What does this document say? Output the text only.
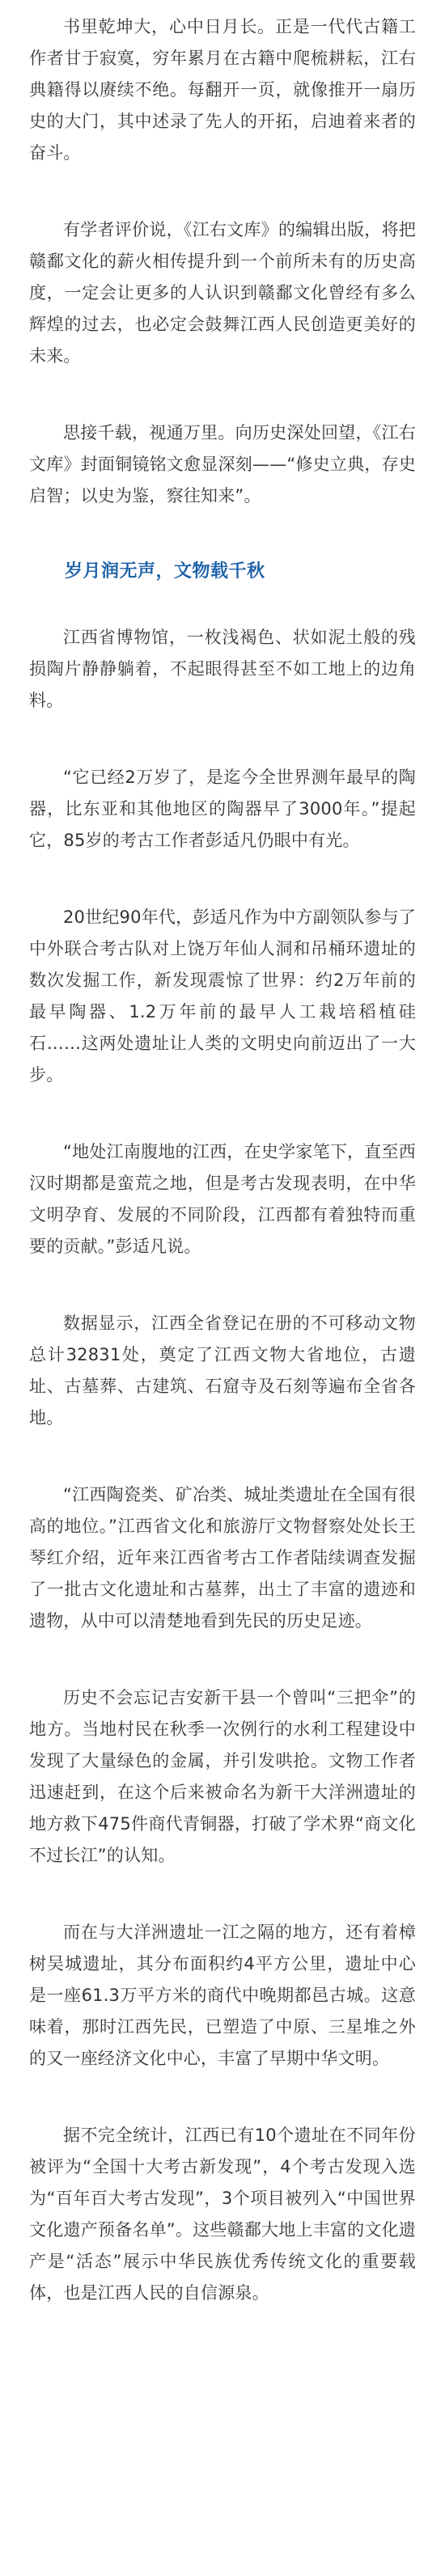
书里乾坤大，心中日月长。正是一代代古籍工作者甘于寂寞，穷年累月在古籍中爬梳耕耘，江右典籍得以赓续不绝。每翻开一页，就像推开一扇历史的大门，其中述录了先人的开拓，启迪着来者的奋斗。

有学者评价说，《江右文库》的编辑出版，将把赣鄱文化的薪火相传提升到一个前所未有的历史高度，一定会让更多的人认识到赣鄱文化曾经有多么辉煌的过去，也必定会鼓舞江西人民创造更美好的未来。

思接千载，视通万里。向历史深处回望，《江右文库》封面铜镜铭文愈显深刻——“修史立典，存史启智；以史为鉴，察往知来”。

岁月润无声，文物载千秋

江西省博物馆，一枚浅褐色、状如泥土般的残损陶片静静躺着，不起眼得甚至不如工地上的边角料。

“它已经2万岁了，是迄今全世界测年最早的陶器，比东亚和其他地区的陶器早了3000年。”提起它，85岁的考古工作者彭适凡仍眼中有光。

20世纪90年代，彭适凡作为中方副领队参与了中外联合考古队对上饶万年仙人洞和吊桶环遗址的数次发掘工作，新发现震惊了世界：约2万年前的最早陶器、1.2万年前的最早人工栽培稻植硅石……这两处遗址让人类的文明史向前迈出了一大步。

“地处江南腹地的江西，在史学家笔下，直至西汉时期都是蛮荒之地，但是考古发现表明，在中华文明孕育、发展的不同阶段，江西都有着独特而重要的贡献。”彭适凡说。

数据显示，江西全省登记在册的不可移动文物总计32831处，奠定了江西文物大省地位，古遗址、古墓葬、古建筑、石窟寺及石刻等遍布全省各地。

“江西陶瓷类、矿冶类、城址类遗址在全国有很高的地位。”江西省文化和旅游厅文物督察处处长王琴红介绍，近年来江西省考古工作者陆续调查发掘了一批古文化遗址和古墓葬，出土了丰富的遗迹和遗物，从中可以清楚地看到先民的历史足迹。

历史不会忘记吉安新干县一个曾叫“三把伞”的地方。当地村民在秋季一次例行的水利工程建设中发现了大量绿色的金属，并引发哄抢。文物工作者迅速赶到，在这个后来被命名为新干大洋洲遗址的地方救下475件商代青铜器，打破了学术界“商文化不过长江”的认知。

而在与大洋洲遗址一江之隔的地方，还有着樟树吴城遗址，其分布面积约4平方公里，遗址中心是一座61.3万平方米的商代中晚期都邑古城。这意味着，那时江西先民，已塑造了中原、三星堆之外的又一座经济文化中心，丰富了早期中华文明。

据不完全统计，江西已有10个遗址在不同年份被评为“全国十大考古新发现”，4个考古发现入选为“百年百大考古发现”，3个项目被列入“中国世界文化遗产预备名单”。这些赣鄱大地上丰富的文化遗产是“活态”展示中华民族优秀传统文化的重要载体，也是江西人民的自信源泉。
